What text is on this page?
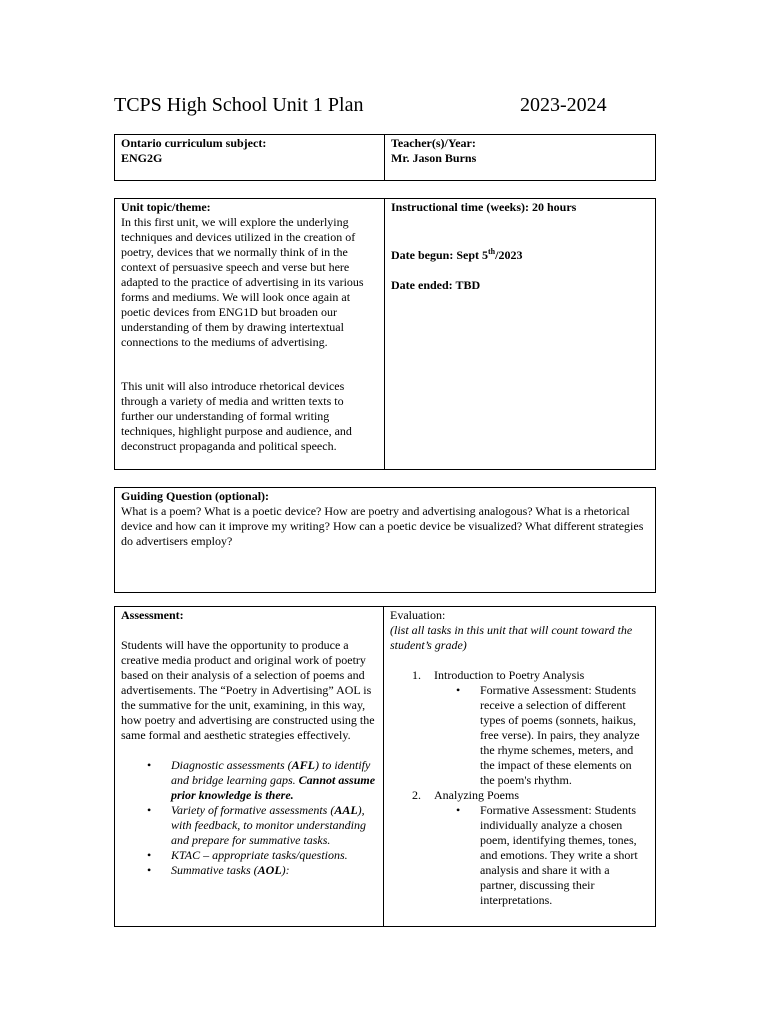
TCPS High School Unit 1 Plan	2023-2024
Ontario curriculum subject:
ENG2G
Teacher(s)/Year:
Mr. Jason Burns
Unit topic/theme:

In this first unit, we will explore the underlying techniques and devices utilized in the creation of poetry, devices that we normally think of in the context of persuasive speech and verse but here adapted to the practice of advertising in its various forms and mediums. We will look once again at poetic devices from ENG1D but broaden our understanding of them by drawing intertextual connections to the mediums of advertising.

This unit will also introduce rhetorical devices through a variety of media and written texts to further our understanding of formal writing techniques, highlight purpose and audience, and deconstruct propaganda and political speech.

Instructional time (weeks): 20 hours
Date begun: Sept 5th/2023
Date ended: TBD
Guiding Question (optional):

What is a poem? What is a poetic device? How are poetry and advertising analogous? What is a rhetorical device and how can it improve my writing? How can a poetic device be visualized? What different strategies do advertisers employ?

Assessment:

Students will have the opportunity to produce a creative media product and original work of poetry based on their analysis of a selection of poems and advertisements. The “Poetry in Advertising” AOL is the summative for the unit, examining, in this way, how poetry and advertising are constructed using the same formal and aesthetic strategies effectively.

• Diagnostic assessments (AFL) to identify and bridge learning gaps. Cannot assume prior knowledge is there.
• Variety of formative assessments (AAL), with feedback, to monitor understanding and prepare for summative tasks.
• KTAC – appropriate tasks/questions.
• Summative tasks (AOL):
Evaluation:
(list all tasks in this unit that will count toward the student’s grade)
1. Introduction to Poetry Analysis
• Formative Assessment: Students receive a selection of different types of poems (sonnets, haikus, free verse). In pairs, they analyze the rhyme schemes, meters, and the impact of these elements on the poem's rhythm.
2. Analyzing Poems
• Formative Assessment: Students individually analyze a chosen poem, identifying themes, tones, and emotions. They write a short analysis and share it with a partner, discussing their interpretations.
